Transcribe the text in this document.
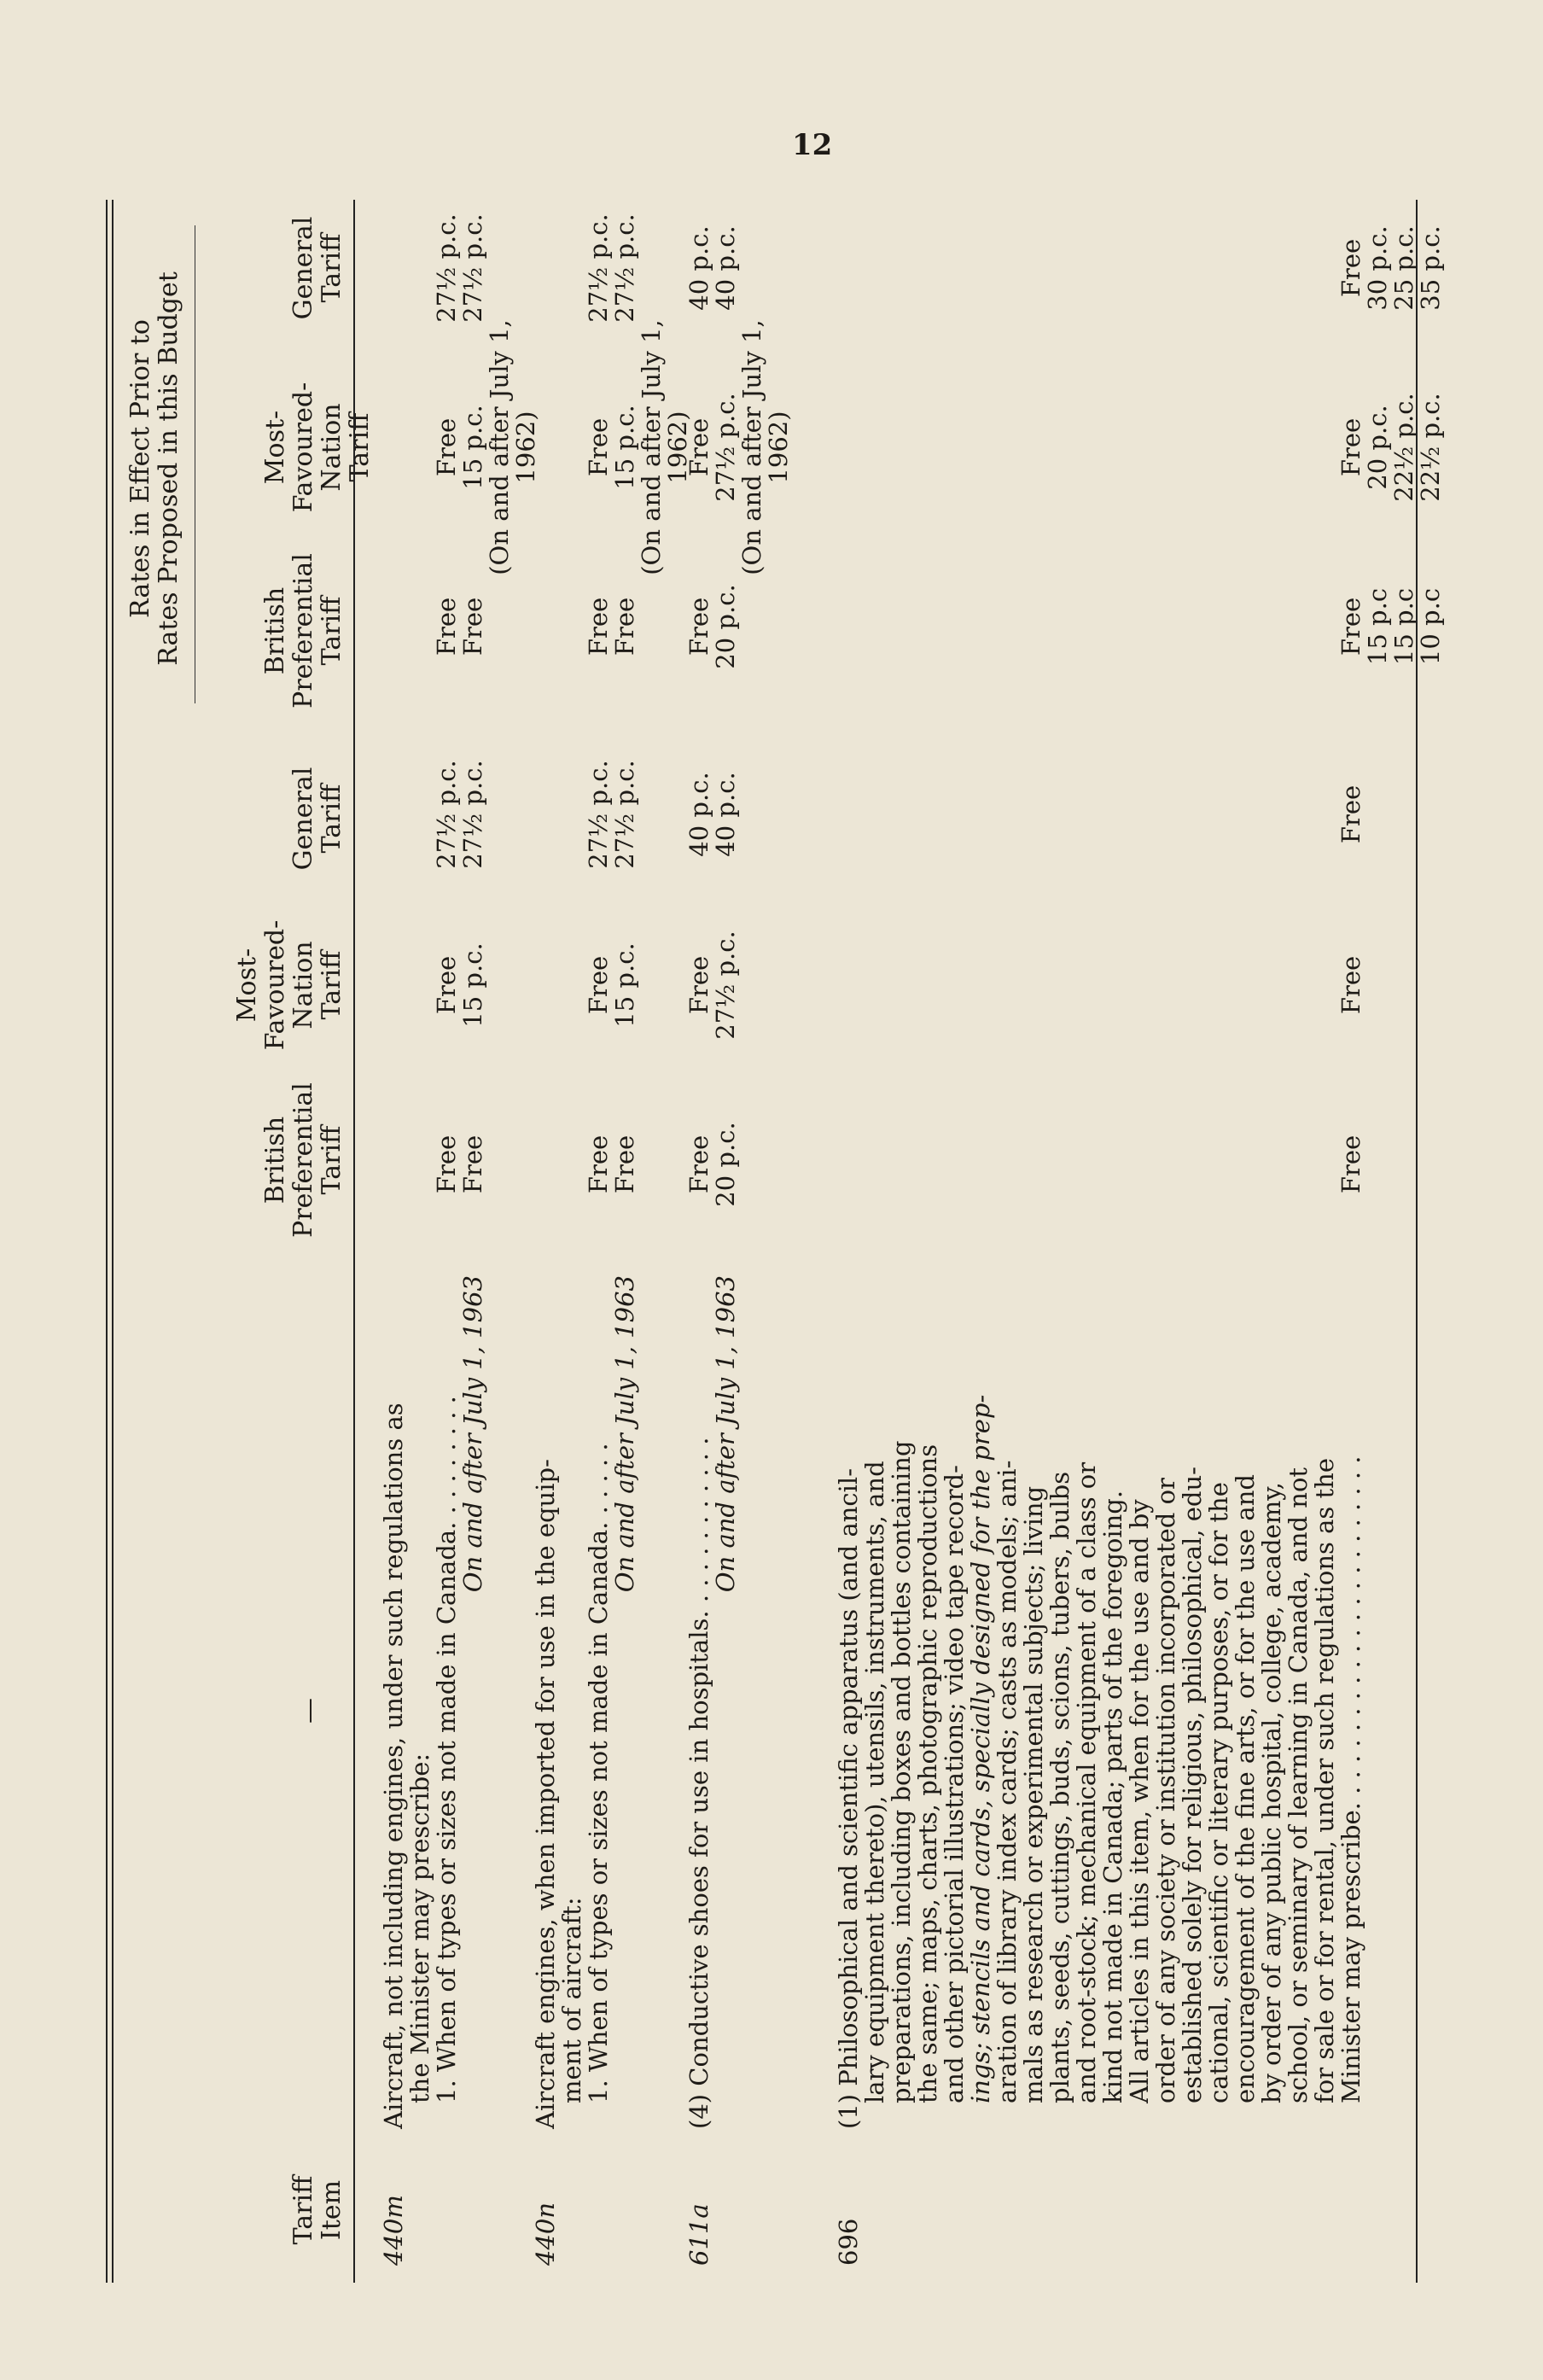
12
Tariff
Item
—
British
Preferential
Tariff
Most-
Favoured-
Nation
Tariff
General
Tariff
Rates in Effect Prior to
Rates Proposed in this Budget	British
Preferential
Tariff
Most-
Favoured-Nation
Tariff
General
Tariff
440m

Aircraft, not including engines, under such regulations as

the Minister may prescribe:

1. When of types or sizes not made in Canada. . . . . . . . .

On and after July 1, 1963

Free
Free
Free
15 p.c.
27½ p.c.
27½ p.c.
Free
Free
Free
15 p.c.
(On and after July 1, 1962)
27½ p.c.
27½ p.c.
440n

Aircraft engines, when imported for use in the equip-

ment of aircraft:

1. When of types or sizes not made in Canada. . . . . .

On and after July 1, 1963

Free
Free
Free
15 p.c.
27½ p.c.
27½ p.c.
Free
Free
Free
15 p.c.
(On and after July 1, 1962)
27½ p.c.
27½ p.c.
611a

(4) Conductive shoes for use in hospitals. . . . . . . . . . . .

On and after July 1, 1963

Free
20 p.c.
Free
27½ p.c.
40 p.c.
40 p.c.
Free
20 p.c.
Free
27½ p.c.
(On and after July 1, 1962)
40 p.c.
40 p.c.
696

(1) Philosophical and scientific apparatus (and ancil-

lary equipment thereto), utensils, instruments, and

preparations, including boxes and bottles containing

the same; maps, charts, photographic reproductions

and other pictorial illustrations; video tape record-

ings; stencils and cards, specially designed for the prep-

aration of library index cards; casts as models; ani-

mals as research or experimental subjects; living

plants, seeds, cuttings, buds, scions, tubers, bulbs

and root-stock; mechanical equipment of a class or

kind not made in Canada; parts of the foregoing.

All articles in this item, when for the use and by

order of any society or institution incorporated or

established solely for religious, philosophical, edu-

cational, scientific or literary purposes, or for the

encouragement of the fine arts, or for the use and

by order of any public hospital, college, academy,

school, or seminary of learning in Canada, and not

for sale or for rental, under such regulations as the

Minister may prescribe. . . . . . . . . . . . . . . . . . . . . . .

Free
Free
Free
Free
15 p.c
15 p.c
10 p.c
Free
20 p.c.
22½ p.c.
22½ p.c.
Free
30 p.c.
25 p.c.
35 p.c.
